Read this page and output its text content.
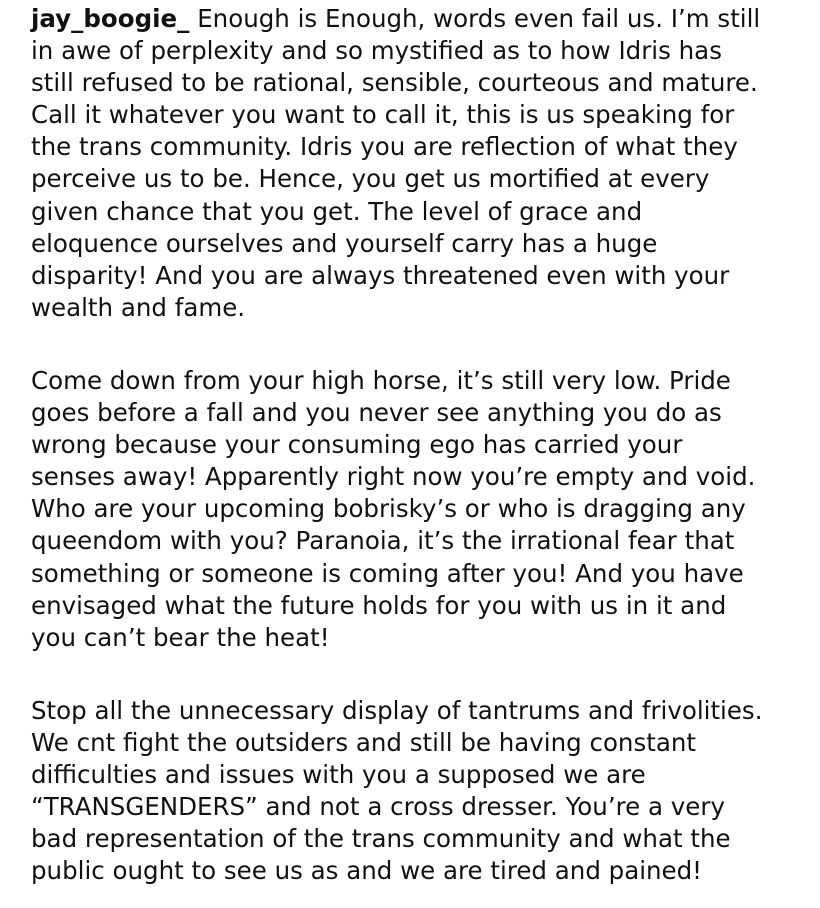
jay_boogie_ Enough is Enough, words even fail us. I’m still
in awe of perplexity and so mystified as to how Idris has
still refused to be rational, sensible, courteous and mature.
Call it whatever you want to call it, this is us speaking for
the trans community. Idris you are reflection of what they
perceive us to be. Hence, you get us mortified at every
given chance that you get. The level of grace and
eloquence ourselves and yourself carry has a huge
disparity! And you are always threatened even with your
wealth and fame.
Come down from your high horse, it’s still very low. Pride
goes before a fall and you never see anything you do as
wrong because your consuming ego has carried your
senses away! Apparently right now you’re empty and void.
Who are your upcoming bobrisky’s or who is dragging any
queendom with you? Paranoia, it’s the irrational fear that
something or someone is coming after you! And you have
envisaged what the future holds for you with us in it and
you can’t bear the heat!
Stop all the unnecessary display of tantrums and frivolities.
We cnt fight the outsiders and still be having constant
difficulties and issues with you a supposed we are
“TRANSGENDERS” and not a cross dresser. You’re a very
bad representation of the trans community and what the
public ought to see us as and we are tired and pained!
